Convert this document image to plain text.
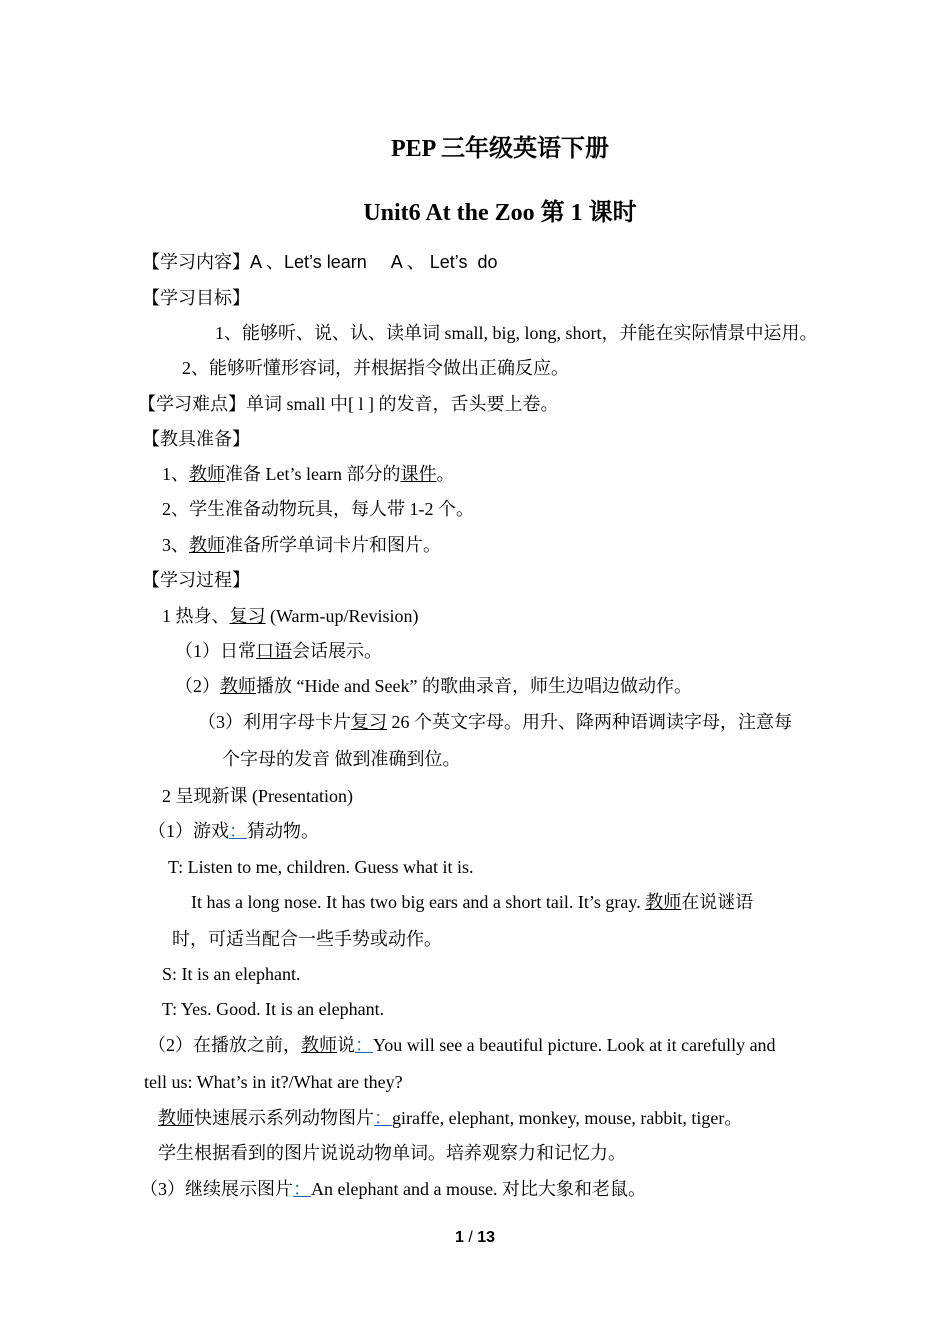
PEP 三年级英语下册
Unit6 At the Zoo 第 1 课时
【学习内容】A 、Let’s learn     A 、 Let’s  do
【学习目标】
1、能够听、说、认、读单词 small, big, long, short，并能在实际情景中运用。
2、能够听懂形容词，并根据指令做出正确反应。
【学习难点】单词 small 中[ l ] 的发音，舌头要上卷。
【教具准备】
1、教师准备 Let’s learn 部分的课件。
2、学生准备动物玩具，每人带 1-2 个。
3、教师准备所学单词卡片和图片。
【学习过程】
1 热身、复习 (Warm-up/Revision)
（1）日常口语会话展示。
（2）教师播放 “Hide and Seek” 的歌曲录音，师生边唱边做动作。
（3）利用字母卡片复习 26 个英文字母。用升、降两种语调读字母，注意每
个字母的发音 做到准确到位。
2 呈现新课 (Presentation)
（1）游戏：猜动物。
T: Listen to me, children. Guess what it is.
It has a long nose. It has two big ears and a short tail. It’s gray. 教师在说谜语
时，可适当配合一些手势或动作。
S: It is an elephant.
T: Yes. Good. It is an elephant.
（2）在播放之前，教师说：You will see a beautiful picture. Look at it carefully and
tell us: What’s in it?/What are they?
教师快速展示系列动物图片：giraffe, elephant, monkey, mouse, rabbit, tiger。
学生根据看到的图片说说动物单词。培养观察力和记忆力。
（3）继续展示图片：An elephant and a mouse. 对比大象和老鼠。
1 / 13
